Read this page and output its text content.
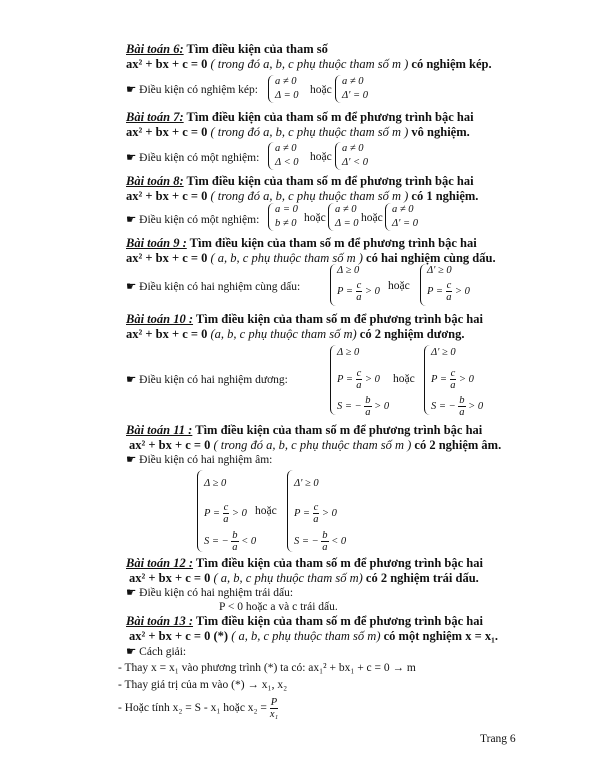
Bài toán 6: Tìm điều kiện của tham số
ax² + bx + c = 0 ( trong đó a, b, c phụ thuộc tham số m ) có nghiệm kép.
☛ Điều kiện có nghiệm kép:
a ≠ 0
Δ = 0 hoặc
a ≠ 0
Δ' = 0
Bài toán 7: Tìm điều kiện của tham số m để phương trình bậc hai
ax² + bx + c = 0 ( trong đó a, b, c phụ thuộc tham số m ) vô nghiệm.
☛ Điều kiện có một nghiệm:
a ≠ 0
Δ < 0 hoặc
a ≠ 0
Δ' < 0
Bài toán 8: Tìm điều kiện của tham số m để phương trình bậc hai
ax² + bx + c = 0 ( trong đó a, b, c phụ thuộc tham số m ) có 1 nghiệm.
☛ Điều kiện có một nghiệm:
a = 0
b ≠ 0 hoặc
a ≠ 0
Δ = 0 hoặc
a ≠ 0
Δ' = 0
Bài toán 9 : Tìm điều kiện của tham số m để phương trình bậc hai
ax² + bx + c = 0 ( a, b, c phụ thuộc tham số m ) có hai nghiệm cùng dấu.
☛ Điều kiện có hai nghiệm cùng dấu:
Δ ≥ 0
$P = \frac{c}{a} > 0$ hoặc
Δ' ≥ 0
$P = \frac{c}{a} > 0$
Bài toán 10 : Tìm điều kiện của tham số m để phương trình bậc hai
ax² + bx + c = 0 (a, b, c phụ thuộc tham số m) có 2 nghiệm dương.
☛ Điều kiện có hai nghiệm dương:
Δ ≥ 0
$P = \frac{c}{a} > 0$
S = − $\frac{b}{a} > 0$
hoặc
Δ' ≥ 0
$P = \frac{c}{a} > 0$
S = − $\frac{b}{a} > 0$
Bài toán 11 : Tìm điều kiện của tham số m để phương trình bậc hai
ax² + bx + c = 0 ( trong đó a, b, c phụ thuộc tham số m ) có 2 nghiệm âm.
☛ Điều kiện có hai nghiệm âm:
Δ ≥ 0
$P = \frac{c}{a} > 0$
S = − $\frac{b}{a} < 0$
hoặc
Δ' ≥ 0
$P = \frac{c}{a} > 0$
S = − $\frac{b}{a} < 0$
Bài toán 12 : Tìm điều kiện của tham số m để phương trình bậc hai
ax² + bx + c = 0 ( a, b, c phụ thuộc tham số m) có 2 nghiệm trái dấu.
☛ Điều kiện có hai nghiệm trái dấu:
P < 0 hoặc a và c trái dấu.
Bài toán 13 : Tìm điều kiện của tham số m để phương trình bậc hai
ax² + bx + c = 0 (*) ( a, b, c phụ thuộc tham số m) có một nghiệm x = x₁.
☛ Cách giải:
- Thay x = x₁ vào phương trình (*) ta có: ax₁² + bx₁ + c = 0 → m
- Thay giá trị của m vào (*) → x₁, x₂
- Hoặc tính x₂ = S - x₁ hoặc $x_2 = \frac{P}{\text{x₁}}$
Trang 6
